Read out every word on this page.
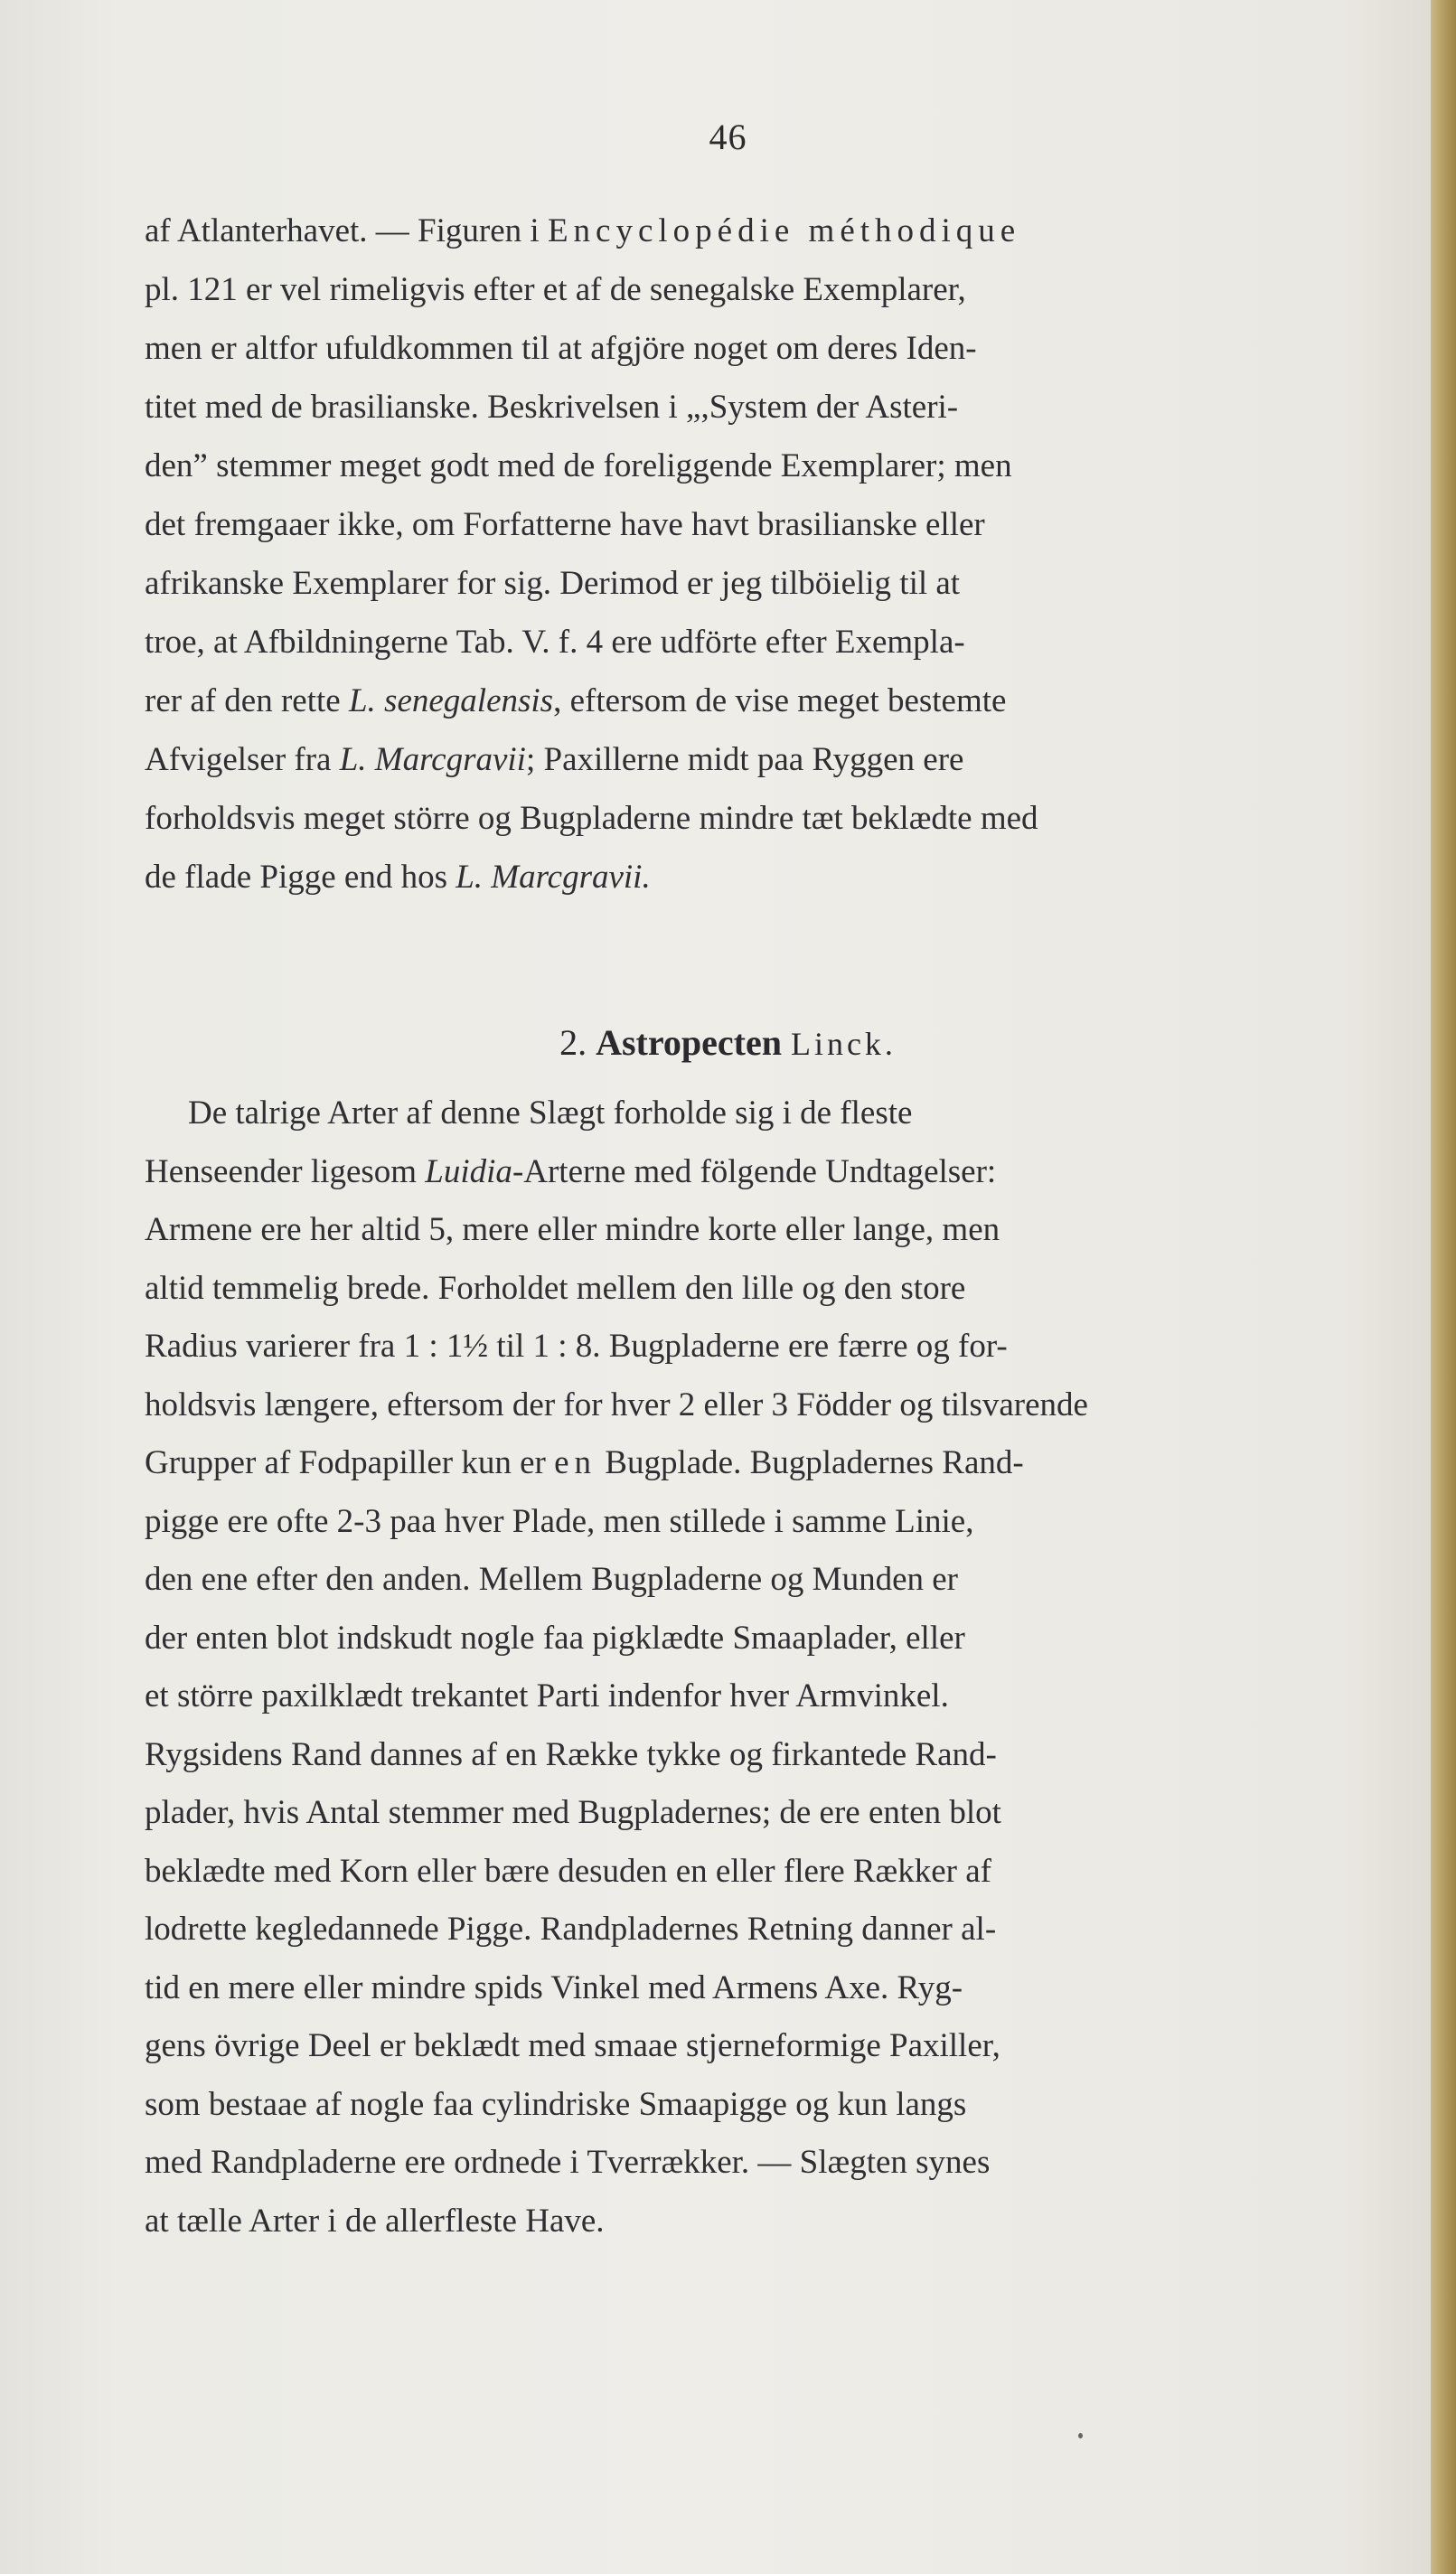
46
af Atlanterhavet. — Figuren i Encyclopédie méthodique
pl. 121 er vel rimeligvis efter et af de senegalske Exemplarer,
men er altfor ufuldkommen til at afgjöre noget om deres Iden-
titet med de brasilianske. Beskrivelsen i „,System der Asteri-
den” stemmer meget godt med de foreliggende Exemplarer; men
det fremgaaer ikke, om Forfatterne have havt brasilianske eller
afrikanske Exemplarer for sig. Derimod er jeg tilböielig til at
troe, at Afbildningerne Tab. V. f. 4 ere udförte efter Exempla-
rer af den rette L. senegalensis, eftersom de vise meget bestemte
Afvigelser fra L. Marcgravii; Paxillerne midt paa Ryggen ere
forholdsvis meget större og Bugpladerne mindre tæt beklædte med
de flade Pigge end hos L. Marcgravii.
2. Astropecten Linck.
De talrige Arter af denne Slægt forholde sig i de fleste
Henseender ligesom Luidia-Arterne med fölgende Undtagelser:
Armene ere her altid 5, mere eller mindre korte eller lange, men
altid temmelig brede. Forholdet mellem den lille og den store
Radius varierer fra 1 : 1½ til 1 : 8. Bugpladerne ere færre og for-
holdsvis længere, eftersom der for hver 2 eller 3 Födder og tilsvarende
Grupper af Fodpapiller kun er en Bugplade. Bugpladernes Rand-
pigge ere ofte 2-3 paa hver Plade, men stillede i samme Linie,
den ene efter den anden. Mellem Bugpladerne og Munden er
der enten blot indskudt nogle faa pigklædte Smaaplader, eller
et större paxilklædt trekantet Parti indenfor hver Armvinkel.
Rygsidens Rand dannes af en Række tykke og firkantede Rand-
plader, hvis Antal stemmer med Bugpladernes; de ere enten blot
beklædte med Korn eller bære desuden en eller flere Rækker af
lodrette kegledannede Pigge. Randpladernes Retning danner al-
tid en mere eller mindre spids Vinkel med Armens Axe. Ryg-
gens övrige Deel er beklædt med smaae stjerneformige Paxiller,
som bestaae af nogle faa cylindriske Smaapigge og kun langs
med Randpladerne ere ordnede i Tverrækker. — Slægten synes
at tælle Arter i de allerfleste Have.
